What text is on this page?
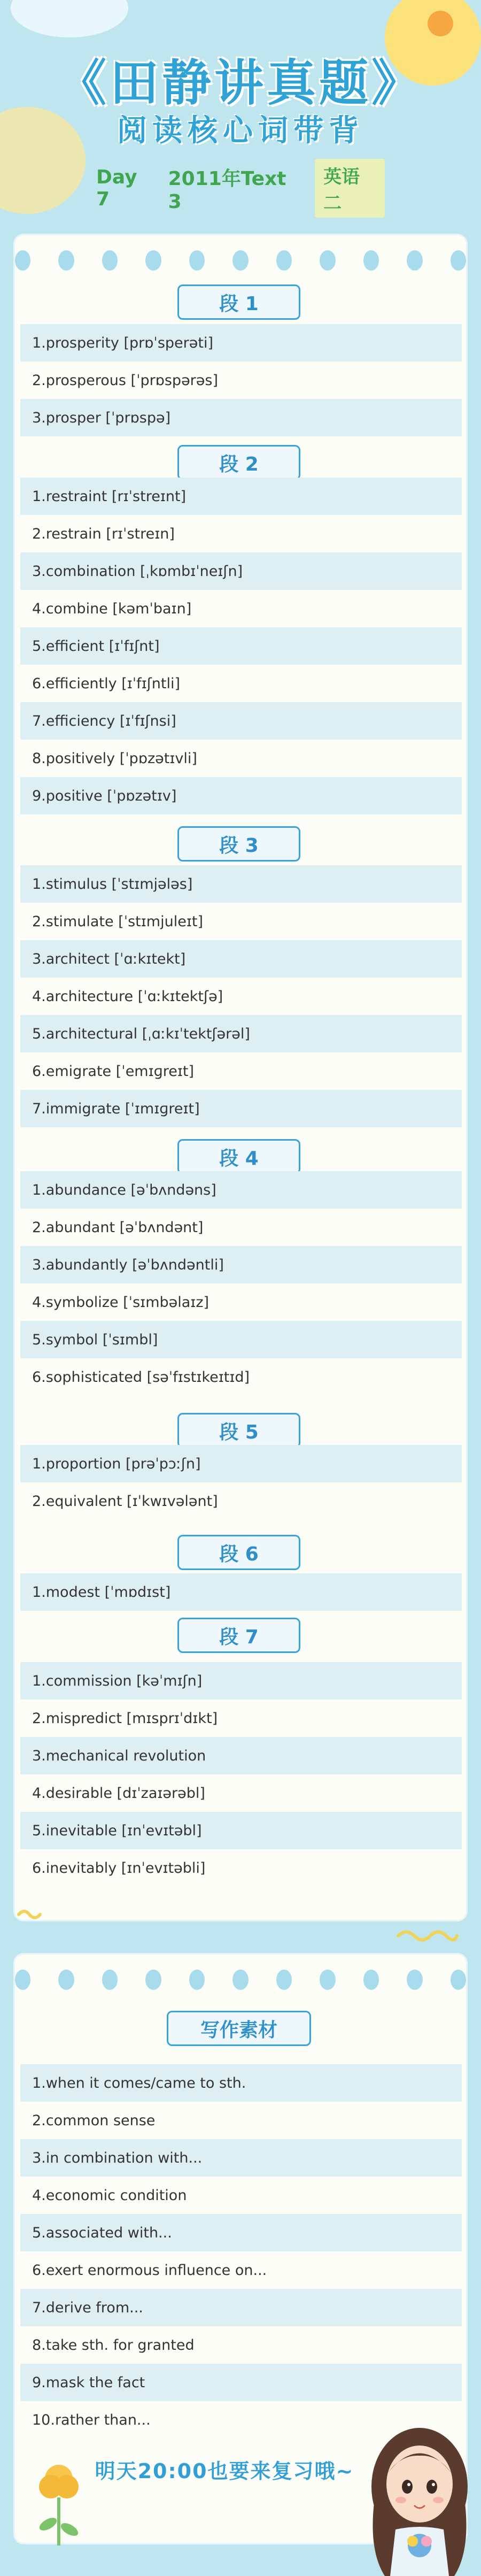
《田静讲真题》
阅读核心词带背
Day 7
2011年Text 3
英语二
段 1
1.prosperity [prɒˈsperəti]
2.prosperous [ˈprɒspərəs]
3.prosper [ˈprɒspə]
段 2
1.restraint [rɪˈstreɪnt]
2.restrain [rɪˈstreɪn]
3.combination [ˌkɒmbɪˈneɪʃn]
4.combine [kəmˈbaɪn]
5.efficient [ɪˈfɪʃnt]
6.efficiently [ɪˈfɪʃntli]
7.efficiency [ɪˈfɪʃnsi]
8.positively [ˈpɒzətɪvli]
9.positive [ˈpɒzətɪv]
段 3
1.stimulus [ˈstɪmjələs]
2.stimulate [ˈstɪmjuleɪt]
3.architect [ˈɑːkɪtekt]
4.architecture [ˈɑːkɪtektʃə]
5.architectural [ˌɑːkɪˈtektʃərəl]
6.emigrate [ˈemɪɡreɪt]
7.immigrate [ˈɪmɪɡreɪt]
段 4
1.abundance [əˈbʌndəns]
2.abundant [əˈbʌndənt]
3.abundantly [əˈbʌndəntli]
4.symbolize [ˈsɪmbəlaɪz]
5.symbol [ˈsɪmbl]
6.sophisticated [səˈfɪstɪkeɪtɪd]
段 5
1.proportion [prəˈpɔːʃn]
2.equivalent [ɪˈkwɪvələnt]
段 6
1.modest [ˈmɒdɪst]
段 7
1.commission [kəˈmɪʃn]
2.mispredict [mɪsprɪˈdɪkt]
3.mechanical revolution
4.desirable [dɪˈzaɪərəbl]
5.inevitable [ɪnˈevɪtəbl]
6.inevitably [ɪnˈevɪtəbli]
写作素材
1.when it comes/came to sth.
2.common sense
3.in combination with...
4.economic condition
5.associated with...
6.exert enormous influence on...
7.derive from...
8.take sth. for granted
9.mask the fact
10.rather than...
明天20:00也要来复习哦~
